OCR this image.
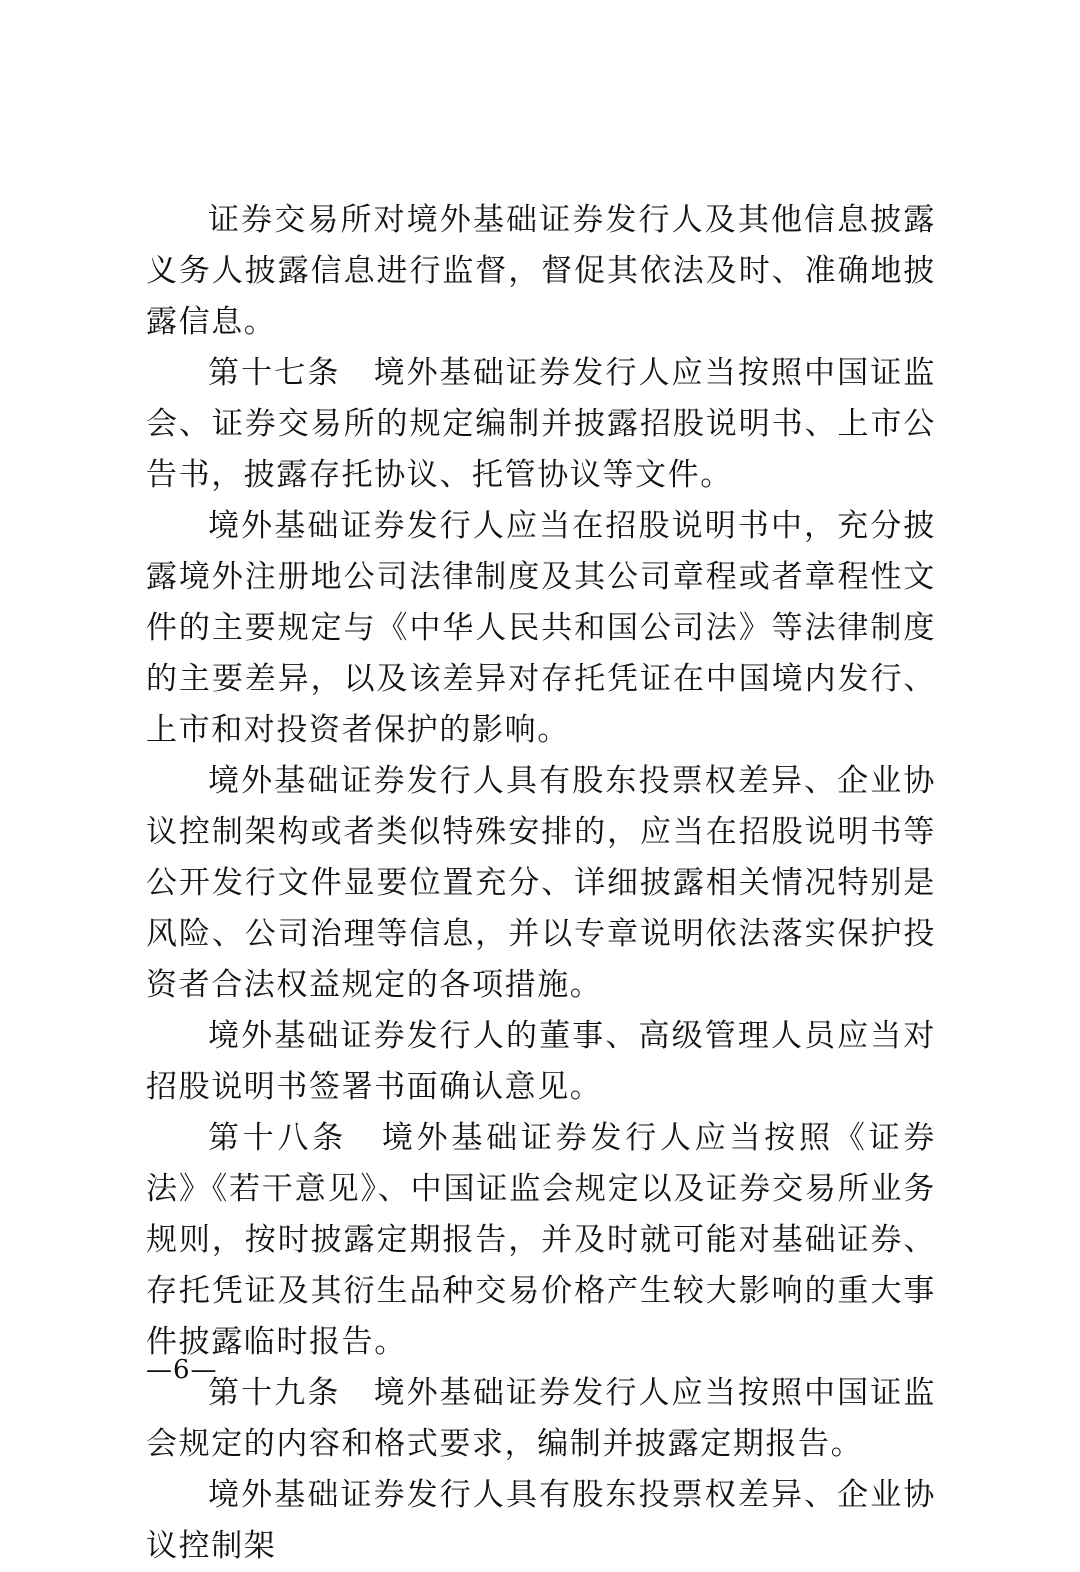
证券交易所对境外基础证券发行人及其他信息披露义务人披露信息进行监督，督促其依法及时、准确地披露信息。

第十七条　境外基础证券发行人应当按照中国证监会、证券交易所的规定编制并披露招股说明书、上市公告书，披露存托协议、托管协议等文件。

境外基础证券发行人应当在招股说明书中，充分披露境外注册地公司法律制度及其公司章程或者章程性文件的主要规定与《中华人民共和国公司法》等法律制度的主要差异，以及该差异对存托凭证在中国境内发行、上市和对投资者保护的影响。

境外基础证券发行人具有股东投票权差异、企业协议控制架构或者类似特殊安排的，应当在招股说明书等公开发行文件显要位置充分、详细披露相关情况特别是风险、公司治理等信息，并以专章说明依法落实保护投资者合法权益规定的各项措施。

境外基础证券发行人的董事、高级管理人员应当对招股说明书签署书面确认意见。

第十八条　境外基础证券发行人应当按照《证券法》《若干意见》、中国证监会规定以及证券交易所业务规则，按时披露定期报告，并及时就可能对基础证券、存托凭证及其衍生品种交易价格产生较大影响的重大事件披露临时报告。

第十九条　境外基础证券发行人应当按照中国证监会规定的内容和格式要求，编制并披露定期报告。

境外基础证券发行人具有股东投票权差异、企业协议控制架

—6—
